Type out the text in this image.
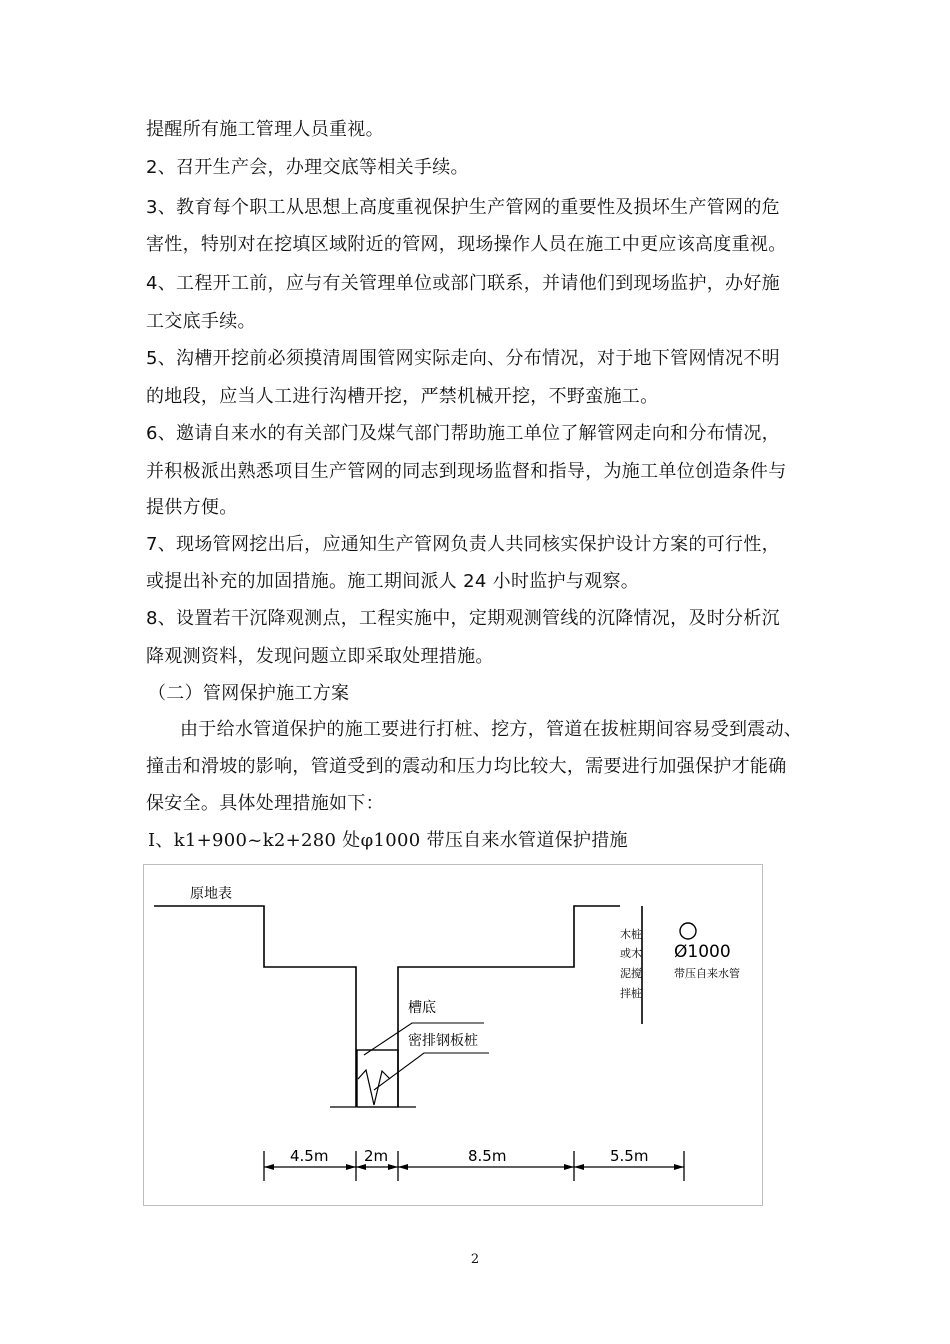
提醒所有施工管理人员重视。
2、召开生产会，办理交底等相关手续。
3、教育每个职工从思想上高度重视保护生产管网的重要性及损坏生产管网的危
害性，特别对在挖填区域附近的管网，现场操作人员在施工中更应该高度重视。
4、工程开工前，应与有关管理单位或部门联系，并请他们到现场监护，办好施
工交底手续。
5、沟槽开挖前必须摸清周围管网实际走向、分布情况，对于地下管网情况不明
的地段，应当人工进行沟槽开挖，严禁机械开挖，不野蛮施工。
6、邀请自来水的有关部门及煤气部门帮助施工单位了解管网走向和分布情况，
并积极派出熟悉项目生产管网的同志到现场监督和指导，为施工单位创造条件与
提供方便。
7、现场管网挖出后，应通知生产管网负责人共同核实保护设计方案的可行性，
或提出补充的加固措施。施工期间派人 24 小时监护与观察。
8、设置若干沉降观测点，工程实施中，定期观测管线的沉降情况，及时分析沉
降观测资料，发现问题立即采取处理措施。
（二）管网保护施工方案
由于给水管道保护的施工要进行打桩、挖方，管道在拔桩期间容易受到震动、
撞击和滑坡的影响，管道受到的震动和压力均比较大，需要进行加强保护才能确
保安全。具体处理措施如下：
Ⅰ、k1+900~k2+280 处φ1000 带压自来水管道保护措施
原地表
槽底
密排钢板桩
木桩
或木
泥搅
拌桩
Ø1000
带压自来水管
4.5m 2m	8.5m	5.5m
2
